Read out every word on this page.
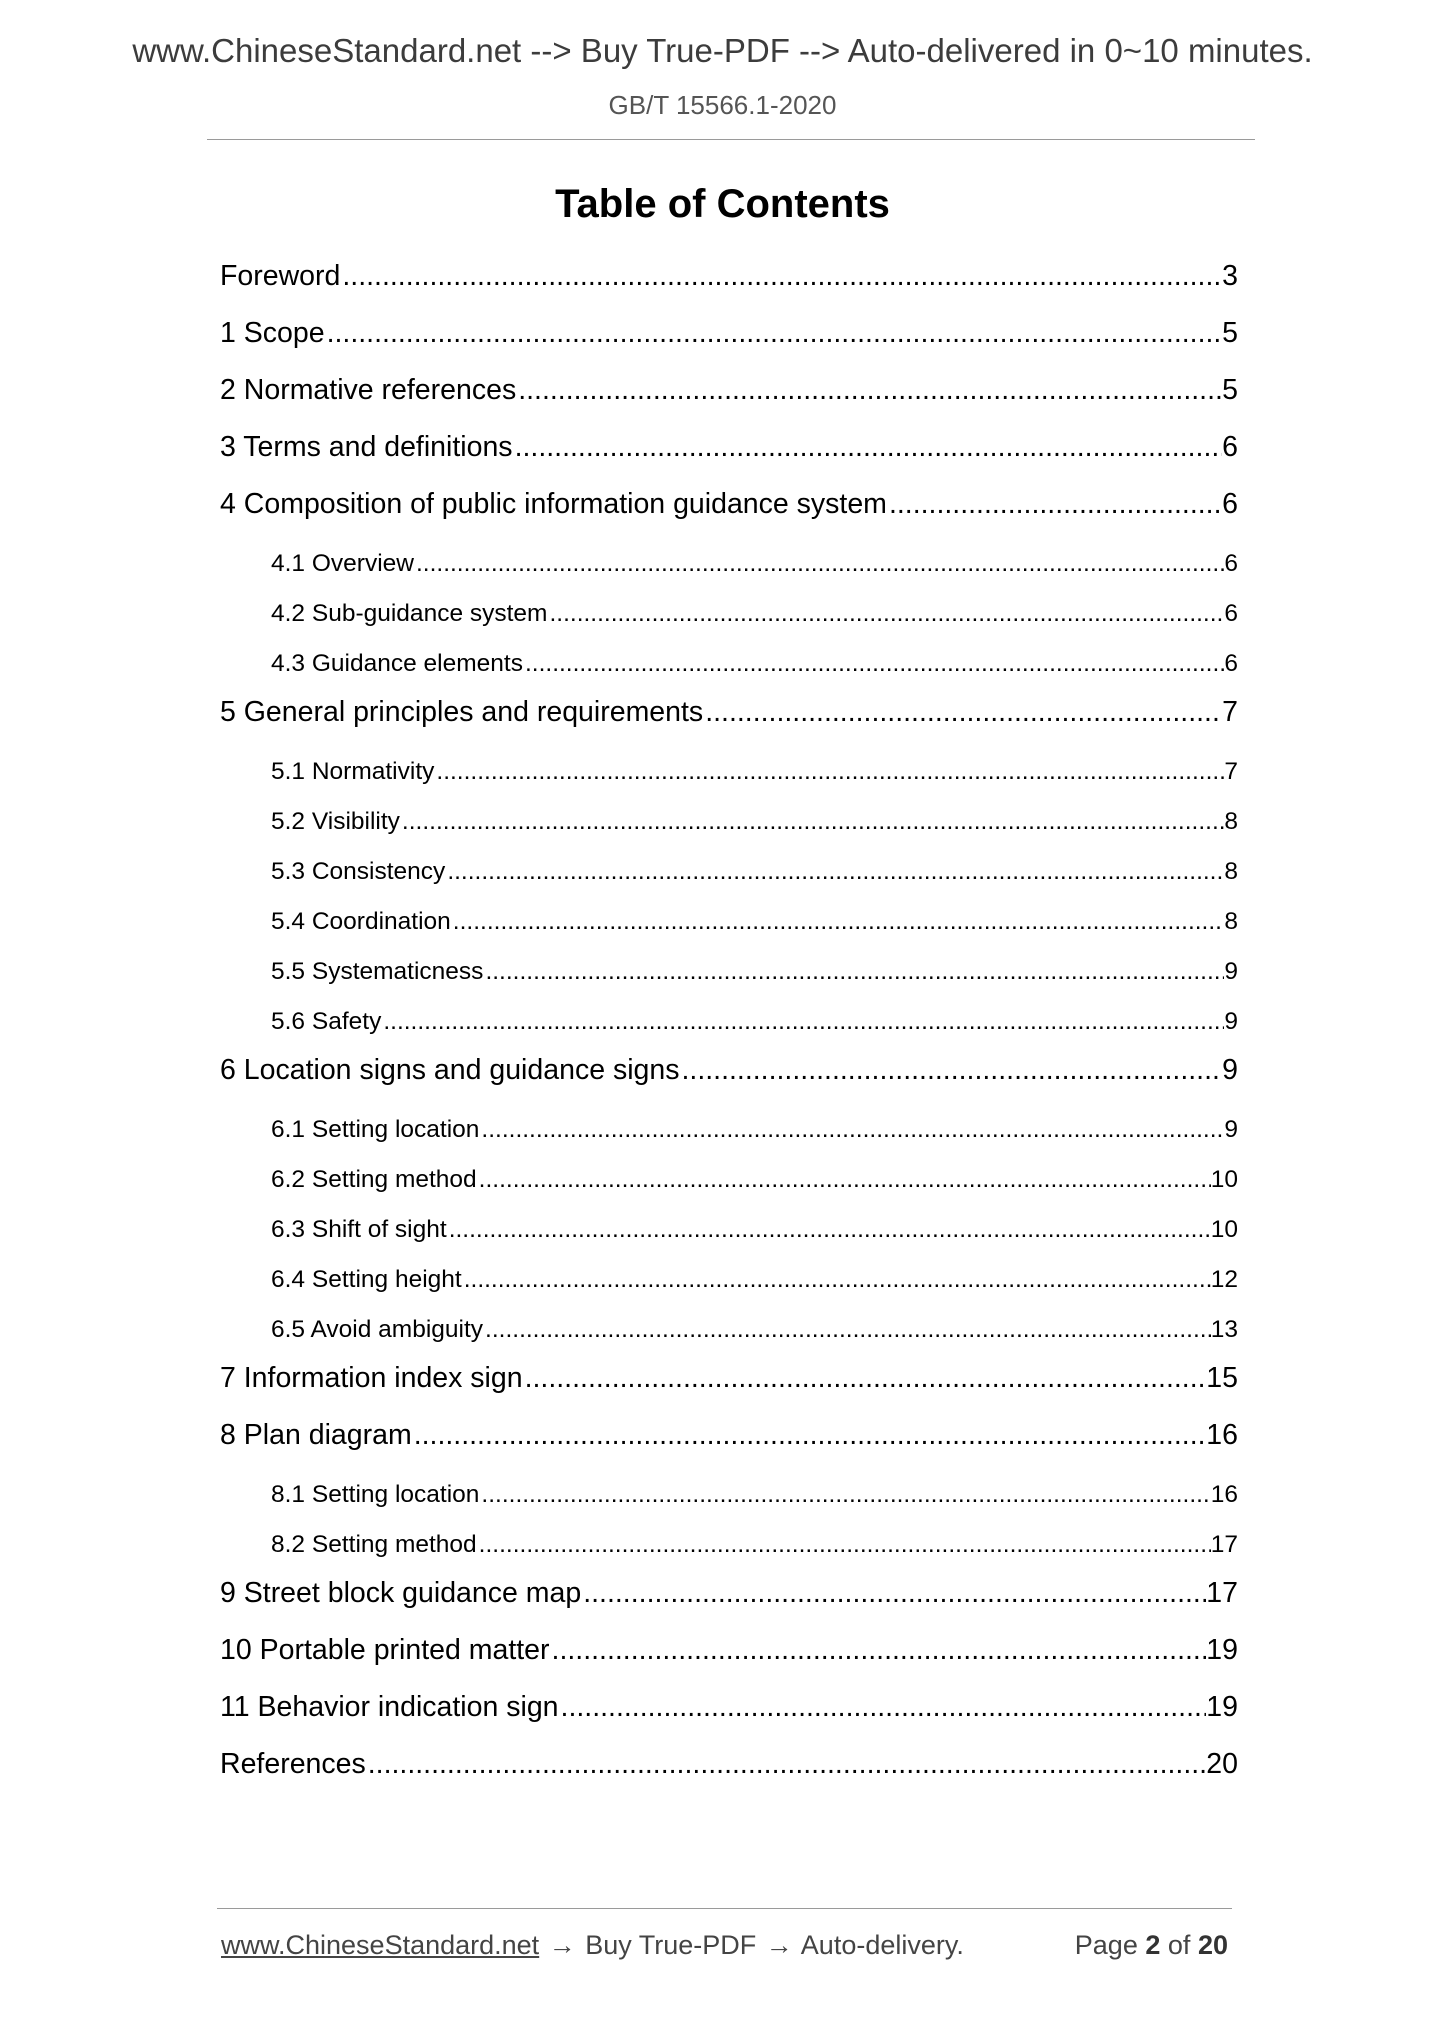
www.ChineseStandard.net --> Buy True-PDF --> Auto-delivered in 0~10 minutes.
GB/T 15566.1-2020
Table of Contents
Foreword .....	3
1 Scope .....	5
2 Normative references .....	5
3 Terms and definitions .....	6
4 Composition of public information guidance system .....	6
4.1 Overview .....	6
4.2 Sub-guidance system .....	6
4.3 Guidance elements .....	6
5 General principles and requirements .....	7
5.1 Normativity .....	7
5.2 Visibility .....	8
5.3 Consistency .....	8
5.4 Coordination .....	8
5.5 Systematicness .....	9
5.6 Safety .....	9
6 Location signs and guidance signs .....	9
6.1 Setting location .....	9
6.2 Setting method .....	10
6.3 Shift of sight .....	10
6.4 Setting height .....	12
6.5 Avoid ambiguity .....	13
7 Information index sign .....	15
8 Plan diagram .....	16
8.1 Setting location .....	16
8.2 Setting method .....	17
9 Street block guidance map .....	17
10 Portable printed matter .....	19
11 Behavior indication sign .....	19
References .....	20
www.ChineseStandard.net → Buy True-PDF → Auto-delivery.	Page 2 of 20
